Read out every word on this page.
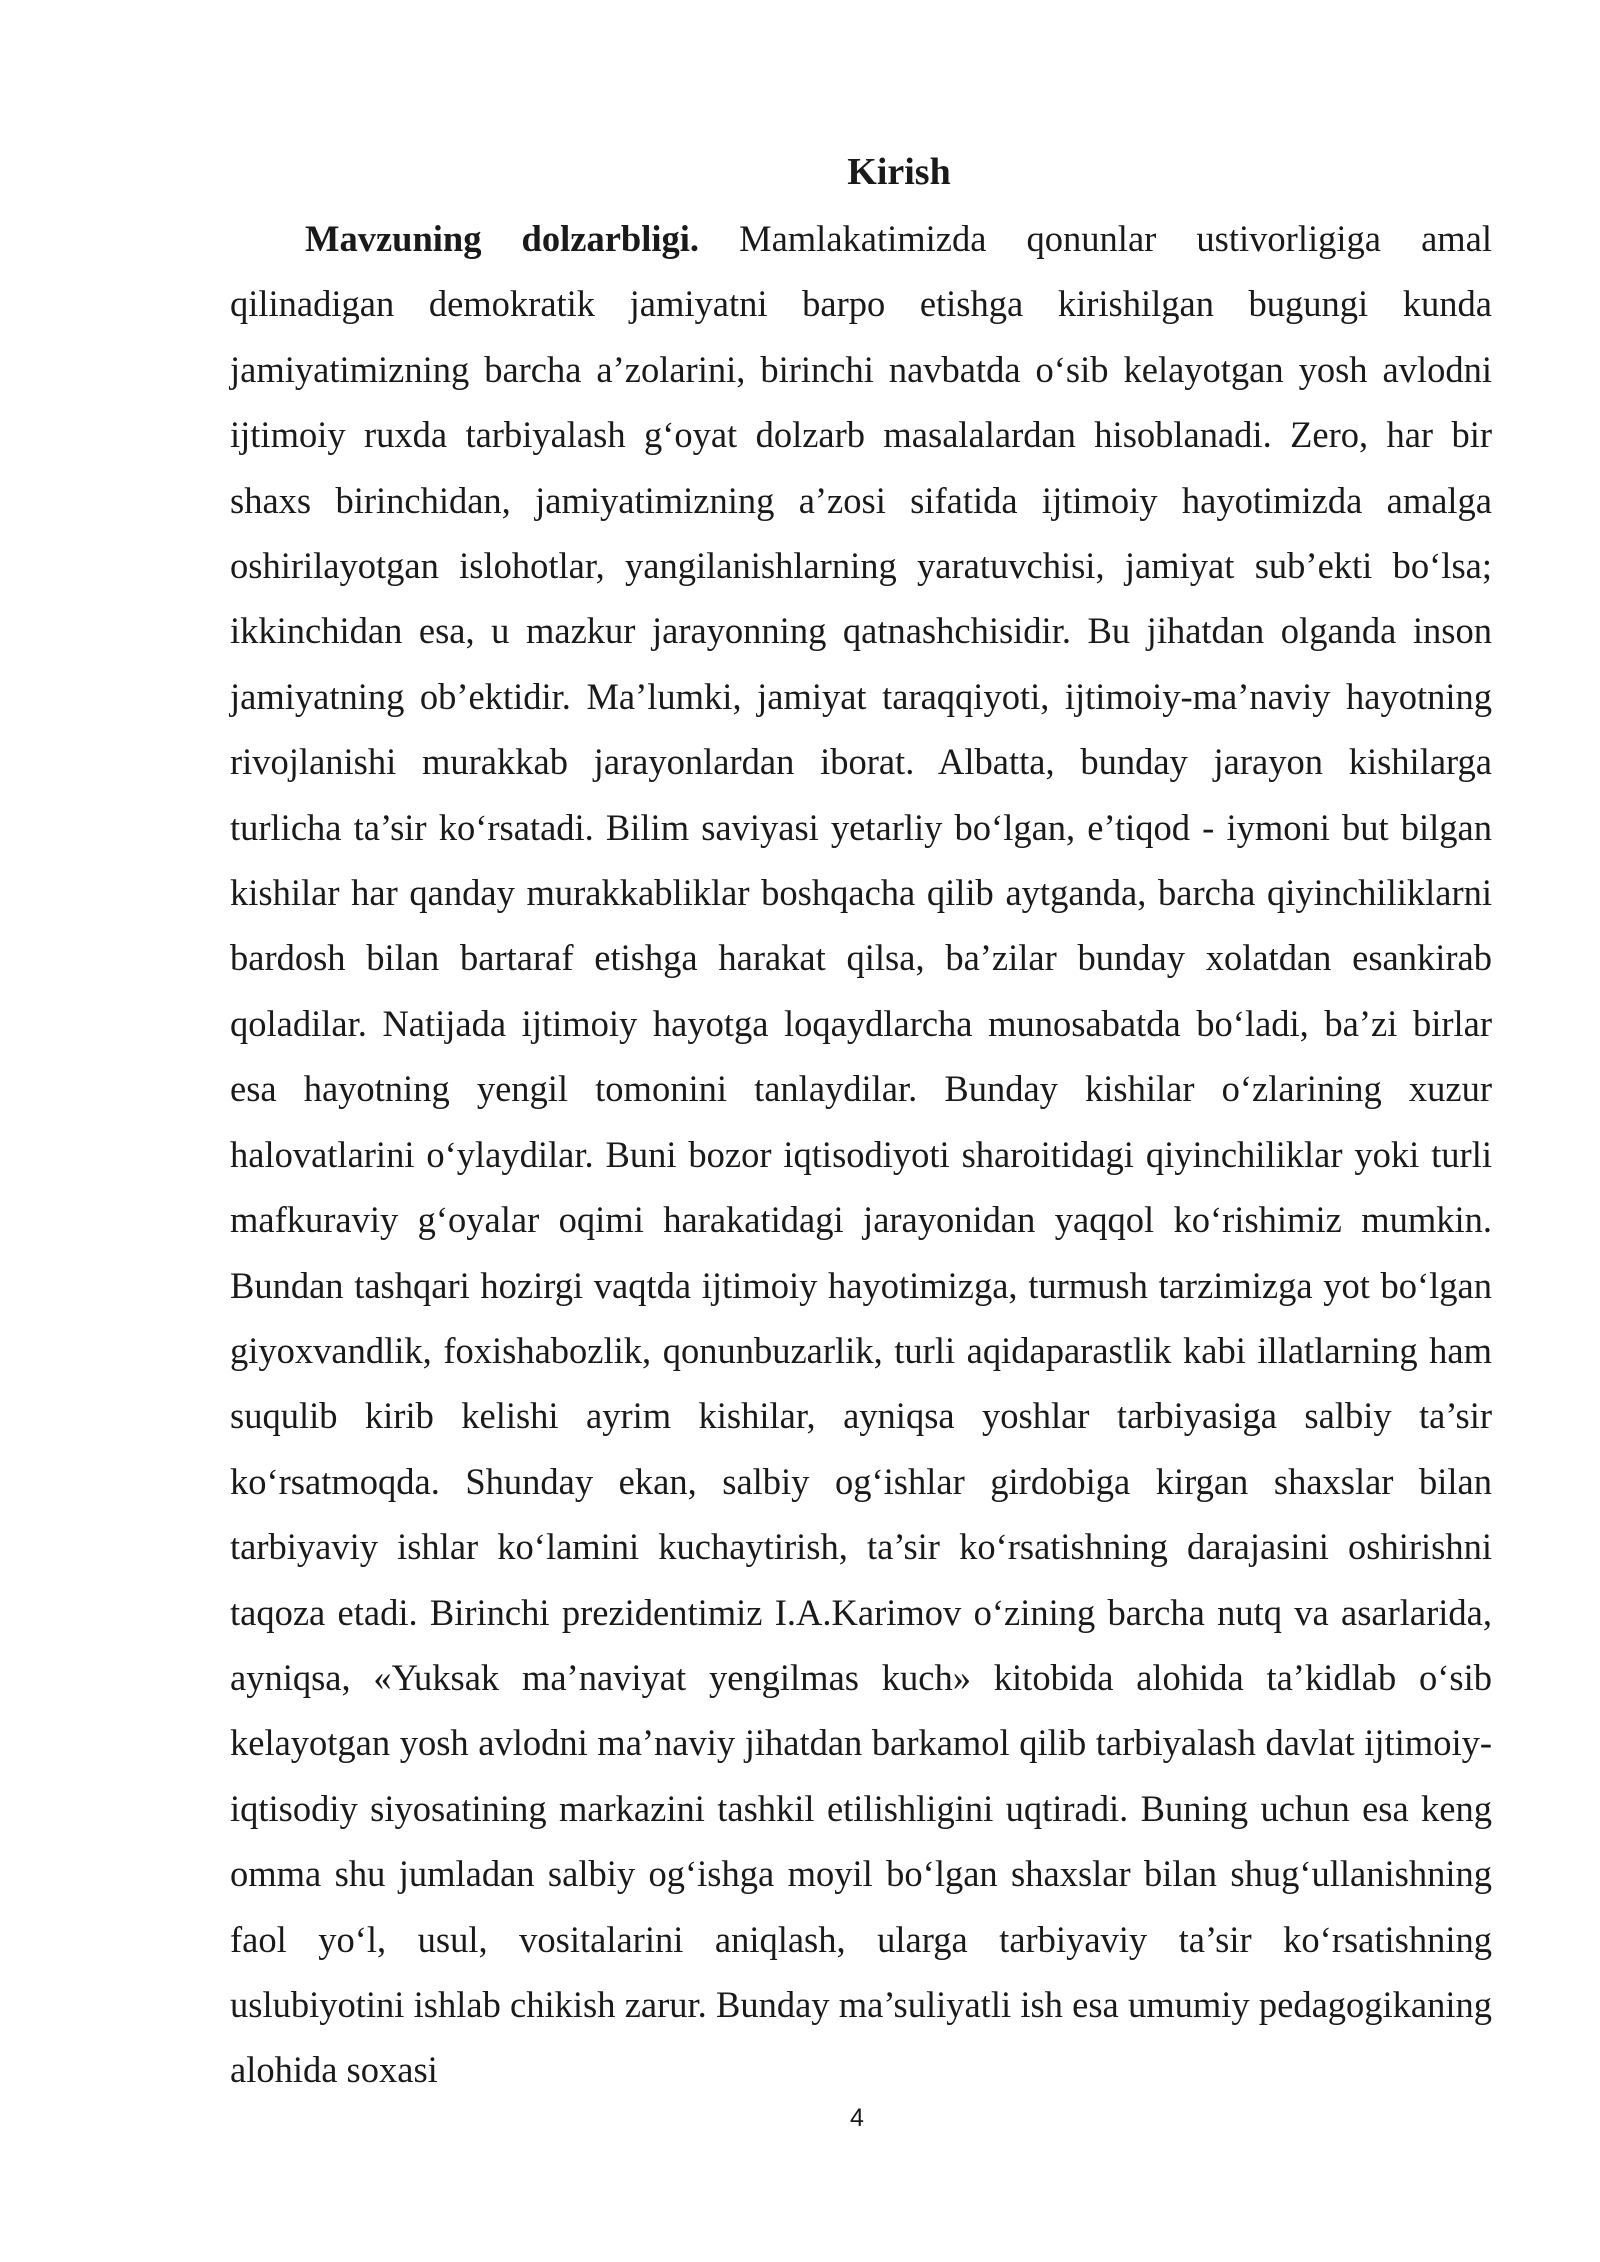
Kirish

Mavzuning dolzarbligi. Mamlakatimizda qonunlar ustivorligiga amal qilinadigan demokratik jamiyatni barpo etishga kirishilgan bugungi kunda jamiyatimizning barcha a’zolarini, birinchi navbatda o‘sib kelayotgan yosh avlodni ijtimoiy ruxda tarbiyalash g‘oyat dolzarb masalalardan hisoblanadi. Zero, har bir shaxs birinchidan, jamiyatimizning a’zosi sifatida ijtimoiy hayotimizda amalga oshirilayotgan islohotlar, yangilanishlarning yaratuvchisi, jamiyat sub’ekti bo‘lsa; ikkinchidan esa, u mazkur jarayonning qatnashchisidir. Bu jihatdan olganda inson jamiyatning ob’ektidir. Ma’lumki, jamiyat taraqqiyoti, ijtimoiy-ma’naviy hayotning rivojlanishi murakkab jarayonlardan iborat. Albatta, bunday jarayon kishilarga turlicha ta’sir ko‘rsatadi. Bilim saviyasi yetarliy bo‘lgan, e’tiqod - iymoni but bilgan kishilar har qanday murakkabliklar boshqacha qilib aytganda, barcha qiyinchiliklarni bardosh bilan bartaraf etishga harakat qilsa, ba’zilar bunday xolatdan esankirab qoladilar. Natijada ijtimoiy hayotga loqaydlarcha munosabatda bo‘ladi, ba’zi birlar esa hayotning yengil tomonini tanlaydilar. Bunday kishilar o‘zlarining xuzur halovatlarini o‘ylaydilar. Buni bozor iqtisodiyoti sharoitidagi qiyinchiliklar yoki turli mafkuraviy g‘oyalar oqimi harakatidagi jarayonidan yaqqol ko‘rishimiz mumkin. Bundan tashqari hozirgi vaqtda ijtimoiy hayotimizga, turmush tarzimizga yot bo‘lgan giyoxvandlik, foxishabozlik, qonunbuzarlik, turli aqidaparastlik kabi illatlarning ham suqulib kirib kelishi ayrim kishilar, ayniqsa yoshlar tarbiyasiga salbiy ta’sir ko‘rsatmoqda. Shunday ekan, salbiy og‘ishlar girdobiga kirgan shaxslar bilan tarbiyaviy ishlar ko‘lamini kuchaytirish, ta’sir ko‘rsatishning darajasini oshirishni taqoza etadi. Birinchi prezidentimiz I.A.Karimov o‘zining barcha nutq va asarlarida, ayniqsa, «Yuksak ma’naviyat yengilmas kuch» kitobida alohida ta’kidlab o‘sib kelayotgan yosh avlodni ma’naviy jihatdan barkamol qilib tarbiyalash davlat ijtimoiy-iqtisodiy siyosatining markazini tashkil etilishligini uqtiradi. Buning uchun esa keng omma shu jumladan salbiy og‘ishga moyil bo‘lgan shaxslar bilan shug‘ullanishning faol yo‘l, usul, vositalarini aniqlash, ularga tarbiyaviy ta’sir ko‘rsatishning uslubiyotini ishlab chikish zarur. Bunday ma’suliyatli ish esa umumiy pedagogikaning alohida soxasi

4
